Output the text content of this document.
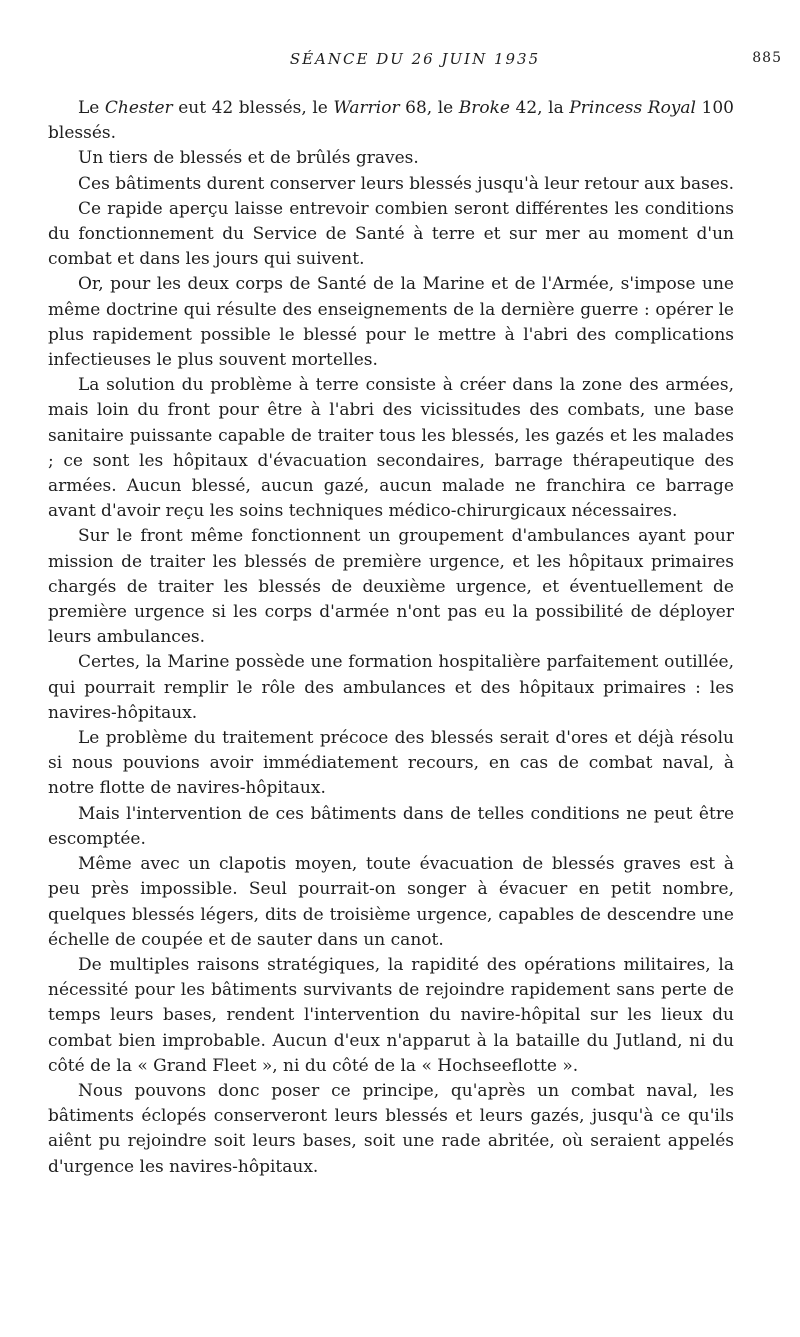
SÉANCE DU 26 JUIN 1935	885

Le Chester eut 42 blessés, le Warrior 68, le Broke 42, la Princess Royal 100 blessés.

Un tiers de blessés et de brûlés graves.

Ces bâtiments durent conserver leurs blessés jusqu'à leur retour aux bases.

Ce rapide aperçu laisse entrevoir combien seront différentes les conditions du fonctionnement du Service de Santé à terre et sur mer au moment d'un combat et dans les jours qui suivent.

Or, pour les deux corps de Santé de la Marine et de l'Armée, s'impose une même doctrine qui résulte des enseignements de la dernière guerre : opérer le plus rapidement possible le blessé pour le mettre à l'abri des complications infectieuses le plus souvent mortelles.

La solution du problème à terre consiste à créer dans la zone des armées, mais loin du front pour être à l'abri des vicissitudes des combats, une base sanitaire puissante capable de traiter tous les blessés, les gazés et les malades ; ce sont les hôpitaux d'évacuation secondaires, barrage thérapeutique des armées. Aucun blessé, aucun gazé, aucun malade ne franchira ce barrage avant d'avoir reçu les soins techniques médico-chirurgicaux nécessaires.

Sur le front même fonctionnent un groupement d'ambulances ayant pour mission de traiter les blessés de première urgence, et les hôpitaux primaires chargés de traiter les blessés de deuxième urgence, et éventuellement de première urgence si les corps d'armée n'ont pas eu la possibilité de déployer leurs ambulances.

Certes, la Marine possède une formation hospitalière parfaitement outillée, qui pourrait remplir le rôle des ambulances et des hôpitaux primaires : les navires-hôpitaux.

Le problème du traitement précoce des blessés serait d'ores et déjà résolu si nous pouvions avoir immédiatement recours, en cas de combat naval, à notre flotte de navires-hôpitaux.

Mais l'intervention de ces bâtiments dans de telles conditions ne peut être escomptée.

Même avec un clapotis moyen, toute évacuation de blessés graves est à peu près impossible. Seul pourrait-on songer à évacuer en petit nombre, quelques blessés légers, dits de troisième urgence, capables de descendre une échelle de coupée et de sauter dans un canot.

De multiples raisons stratégiques, la rapidité des opérations militaires, la nécessité pour les bâtiments survivants de rejoindre rapidement sans perte de temps leurs bases, rendent l'intervention du navire-hôpital sur les lieux du combat bien improbable. Aucun d'eux n'apparut à la bataille du Jutland, ni du côté de la « Grand Fleet », ni du côté de la « Hochseeflotte ».

Nous pouvons donc poser ce principe, qu'après un combat naval, les bâtiments éclopés conserveront leurs blessés et leurs gazés, jusqu'à ce qu'ils aiênt pu rejoindre soit leurs bases, soit une rade abritée, où seraient appelés d'urgence les navires-hôpitaux.
